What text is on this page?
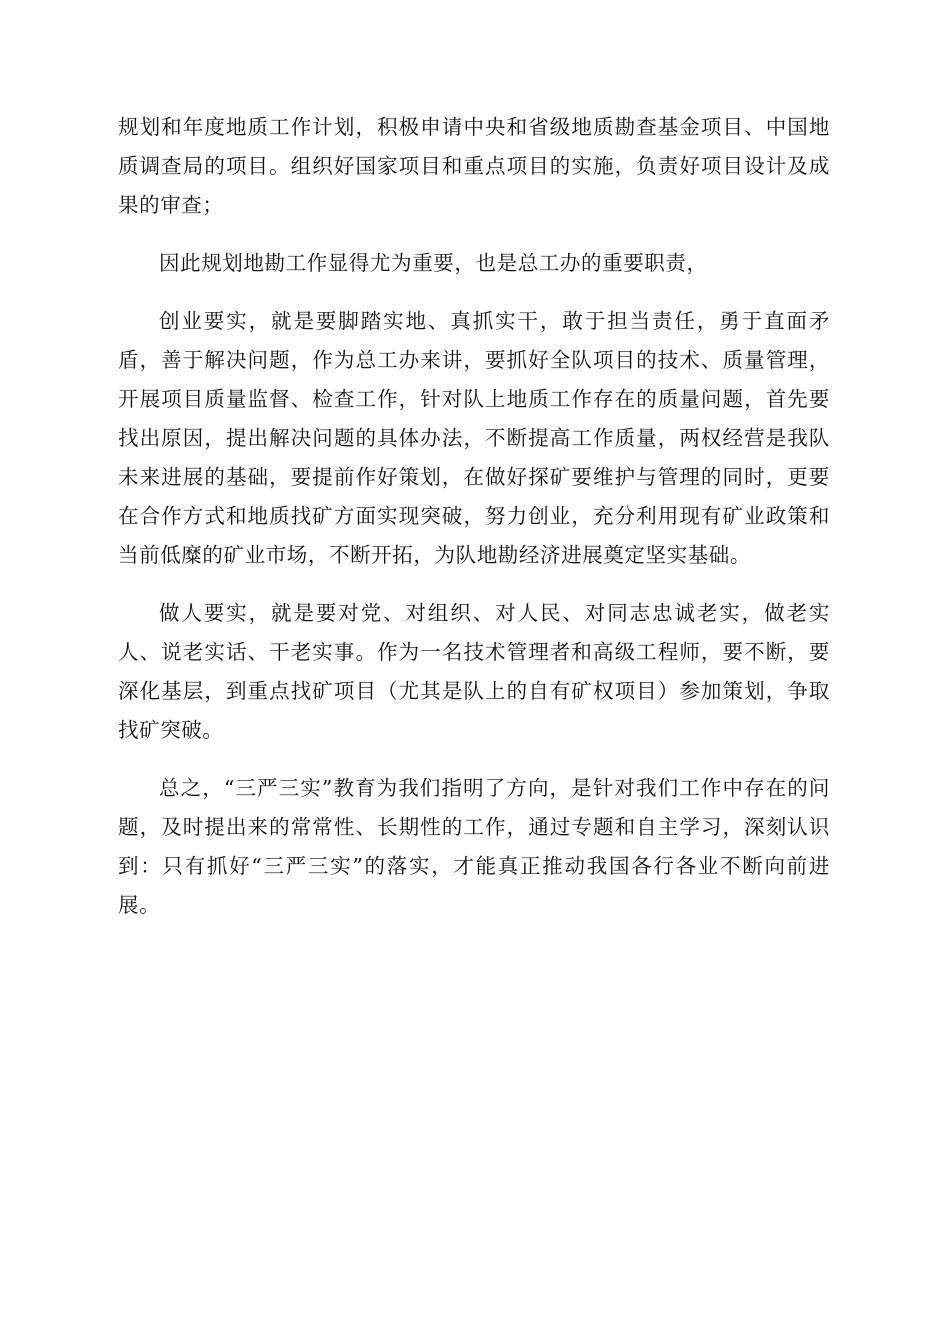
规划和年度地质工作计划，积极申请中央和省级地质勘查基金项目、中国地质调查局的项目。组织好国家项目和重点项目的实施，负责好项目设计及成果的审查；

因此规划地勘工作显得尤为重要，也是总工办的重要职责，

创业要实，就是要脚踏实地、真抓实干，敢于担当责任，勇于直面矛盾，善于解决问题，作为总工办来讲，要抓好全队项目的技术、质量管理，开展项目质量监督、检查工作，针对队上地质工作存在的质量问题，首先要找出原因，提出解决问题的具体办法，不断提高工作质量，两权经营是我队未来进展的基础，要提前作好策划，在做好探矿要维护与管理的同时，更要在合作方式和地质找矿方面实现突破，努力创业，充分利用现有矿业政策和当前低糜的矿业市场，不断开拓，为队地勘经济进展奠定坚实基础。

做人要实，就是要对党、对组织、对人民、对同志忠诚老实，做老实人、说老实话、干老实事。作为一名技术管理者和高级工程师，要不断，要深化基层，到重点找矿项目（尤其是队上的自有矿权项目）参加策划，争取找矿突破。

总之，“三严三实”教育为我们指明了方向，是针对我们工作中存在的问题，及时提出来的常常性、长期性的工作，通过专题和自主学习，深刻认识到：只有抓好“三严三实”的落实，才能真正推动我国各行各业不断向前进展。
